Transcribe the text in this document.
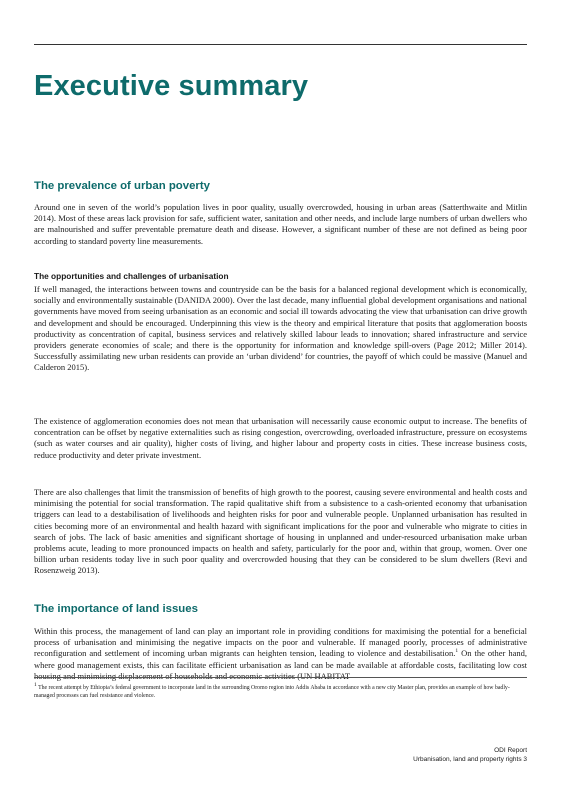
Executive summary
The prevalence of urban poverty

Around one in seven of the world’s population lives in poor quality, usually overcrowded, housing in urban areas (Satterthwaite and Mitlin 2014). Most of these areas lack provision for safe, sufficient water, sanitation and other needs, and include large numbers of urban dwellers who are malnourished and suffer preventable premature death and disease. However, a significant number of these are not defined as being poor according to standard poverty line measurements.

The opportunities and challenges of urbanisation

If well managed, the interactions between towns and countryside can be the basis for a balanced regional development which is economically, socially and environmentally sustainable (DANIDA 2000). Over the last decade, many influential global development organisations and national governments have moved from seeing urbanisation as an economic and social ill towards advocating the view that urbanisation can drive growth and development and should be encouraged. Underpinning this view is the theory and empirical literature that posits that agglomeration boosts productivity as concentration of capital, business services and relatively skilled labour leads to innovation; shared infrastructure and service providers generate economies of scale; and there is the opportunity for information and knowledge spill-overs (Page 2012; Miller 2014). Successfully assimilating new urban residents can provide an ‘urban dividend’ for countries, the payoff of which could be massive (Manuel and Calderon 2015).

The existence of agglomeration economies does not mean that urbanisation will necessarily cause economic output to increase. The benefits of concentration can be offset by negative externalities such as rising congestion, overcrowding, overloaded infrastructure, pressure on ecosystems (such as water courses and air quality), higher costs of living, and higher labour and property costs in cities. These increase business costs, reduce productivity and deter private investment.

There are also challenges that limit the transmission of benefits of high growth to the poorest, causing severe environmental and health costs and minimising the potential for social transformation. The rapid qualitative shift from a subsistence to a cash-oriented economy that urbanisation triggers can lead to a destabilisation of livelihoods and heighten risks for poor and vulnerable people. Unplanned urbanisation has resulted in cities becoming more of an environmental and health hazard with significant implications for the poor and vulnerable who migrate to cities in search of jobs. The lack of basic amenities and significant shortage of housing in unplanned and under-resourced urbanisation make urban problems acute, leading to more pronounced impacts on health and safety, particularly for the poor and, within that group, women. Over one billion urban residents today live in such poor quality and overcrowded housing that they can be considered to be slum dwellers (Revi and Rosenzweig 2013).

The importance of land issues

Within this process, the management of land can play an important role in providing conditions for maximising the potential for a beneficial process of urbanisation and minimising the negative impacts on the poor and vulnerable. If managed poorly, processes of administrative reconfiguration and settlement of incoming urban migrants can heighten tension, leading to violence and destabilisation.$^1$ On the other hand, where good management exists, this can facilitate efficient urbanisation as land can be made available at affordable costs, facilitating low cost housing and minimising displacement of households and economic activities (UN HABITAT

$^1$ The recent attempt by Ethiopia’s federal government to incorporate land in the surrounding Oromo region into Addis Ababa in accordance with a new city Master plan, provides an example of how badly-managed processes can fuel resistance and violence.

ODI Report
Urbanisation, land and property rights 3
